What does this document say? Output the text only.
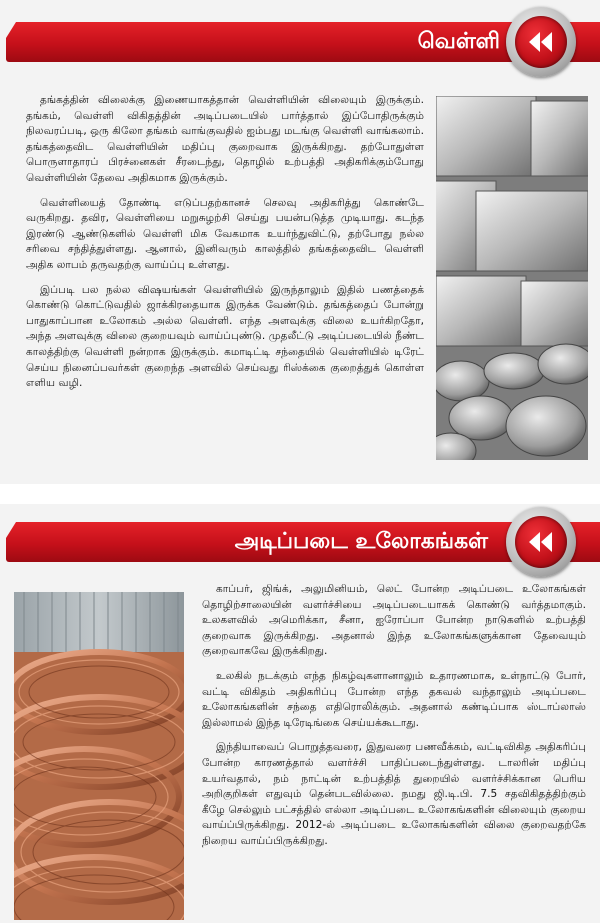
வெள்ளி

தங்கத்தின் விலைக்கு இணையாகத்தான் வெள்ளியின் விலையும் இருக்கும். தங்கம், வெள்ளி விகிதத்தின் அடிப்படையில் பார்த்தால் இப்போதிருக்கும் நிலவரப்படி, ஒரு கிலோ தங்கம் வாங்குவதில் ஐம்பது மடங்கு வெள்ளி வாங்கலாம். தங்கத்தைவிட வெள்ளியின் மதிப்பு குறைவாக இருக்கிறது. தற்போதுள்ள பொருளாதாரப் பிரச்னைகள் சீரடைந்து, தொழில் உற்பத்தி அதிகரிக்கும்போது வெள்ளியின் தேவை அதிகமாக இருக்கும்.

வெள்ளியைத் தோண்டி எடுப்பதற்கானச் செலவு அதிகரித்து கொண்டே வருகிறது. தவிர, வெள்ளியை மறுசுழற்சி செய்து பயன்படுத்த முடியாது. கடந்த இரண்டு ஆண்டுகளில் வெள்ளி மிக வேகமாக உயர்ந்துவிட்டு, தற்போது நல்ல சரிவை சந்தித்துள்ளது. ஆனால், இனிவரும் காலத்தில் தங்கத்தைவிட வெள்ளி அதிக லாபம் தருவதற்கு வாய்ப்பு உள்ளது.

இப்படி பல நல்ல விஷயங்கள் வெள்ளியில் இருந்தாலும் இதில் பணத்தைக் கொண்டு கொட்டுவதில் ஜாக்கிரதையாக இருக்க வேண்டும். தங்கத்தைப் போன்று பாதுகாப்பான உலோகம் அல்ல வெள்ளி. எந்த அளவுக்கு விலை உயர்கிறதோ, அந்த அளவுக்கு விலை குறையவும் வாய்ப்புண்டு. முதலீட்டு அடிப்படையில் நீண்ட காலத்திற்கு வெள்ளி நன்றாக இருக்கும். கமாடிட்டி சந்தையில் வெள்ளியில் டிரேட் செய்ய நினைப்பவர்கள் குறைந்த அளவில் செய்வது ரிஸ்க்கை குறைத்துக் கொள்ள எளிய வழி.

அடிப்படை உலோகங்கள்

காப்பர், ஜிங்க், அலுமினியம், லெட் போன்ற அடிப்படை உலோகங்கள் தொழிற்சாலையின் வளர்ச்சியை அடிப்படையாகக் கொண்டு வர்த்தமாகும். உலகளவில் அமெரிக்கா, சீனா, ஐரோப்பா போன்ற நாடுகளில் உற்பத்தி குறைவாக இருக்கிறது. அதனால் இந்த உலோகங்களுக்கான தேவையும் குறைவாகவே இருக்கிறது.

உலகில் நடக்கும் எந்த நிகழ்வுகளானாலும் உதாரணமாக, உள்நாட்டு போர், வட்டி விகிதம் அதிகரிப்பு போன்ற எந்த தகவல் வந்தாலும் அடிப்படை உலோகங்களின் சந்தை எதிரொலிக்கும். அதனால் கண்டிப்பாக ஸ்டாப்லாஸ் இல்லாமல் இந்த டிரேடிங்கை செய்யக்கூடாது.

இந்தியாவைப் பொறுத்தவரை, இதுவரை பணவீக்கம், வட்டிவிகித அதிகரிப்பு போன்ற காரணத்தால் வளர்ச்சி பாதிப்படைந்துள்ளது. டாலரின் மதிப்பு உயர்வதால், நம் நாட்டின் உற்பத்தித் துறையில் வளர்ச்சிக்கான பெரிய அறிகுறிகள் எதுவும் தென்படவில்லை. நமது ஜி.டி.பி. 7.5 சதவிகிதத்திற்கும் கீழே செல்லும் பட்சத்தில் எல்லா அடிப்படை உலோகங்களின் விலையும் குறைய வாய்ப்பிருக்கிறது. 2012-ல் அடிப்படை உலோகங்களின் விலை குறைவதற்கே நிறைய வாய்ப்பிருக்கிறது.
